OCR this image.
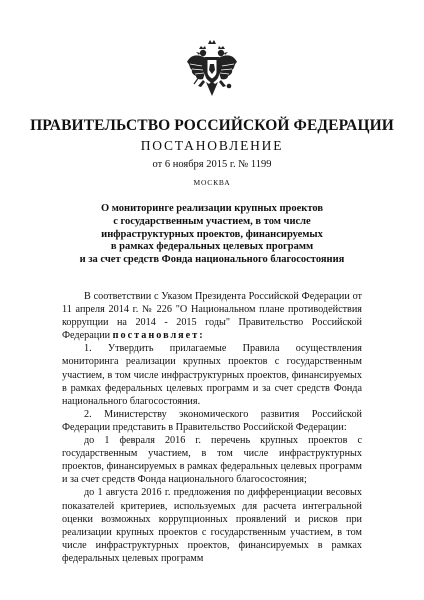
ПРАВИТЕЛЬСТВО РОССИЙСКОЙ ФЕДЕРАЦИИ
ПОСТАНОВЛЕНИЕ
от 6 ноября 2015 г. № 1199
МОСКВА
О мониторинге реализации крупных проектов
с государственным участием, в том числе
инфраструктурных проектов, финансируемых
в рамках федеральных целевых программ
и за счет средств Фонда национального благосостояния

В соответствии с Указом Президента Российской Федерации от 11 апреля 2014 г. № 226 "О Национальном плане противодействия коррупции на 2014 - 2015 годы" Правительство Российской Федерации постановляет:

1. Утвердить прилагаемые Правила осуществления мониторинга реализации крупных проектов с государственным участием, в том числе инфраструктурных проектов, финансируемых в рамках федеральных целевых программ и за счет средств Фонда национального благосостояния.

2. Министерству экономического развития Российской Федерации представить в Правительство Российской Федерации:

до 1 февраля 2016 г. перечень крупных проектов с государственным участием, в том числе инфраструктурных проектов, финансируемых в рамках федеральных целевых программ и за счет средств Фонда национального благосостояния;

до 1 августа 2016 г. предложения по дифференциации весовых показателей критериев, используемых для расчета интегральной оценки возможных коррупционных проявлений и рисков при реализации крупных проектов с государственным участием, в том числе инфраструктурных проектов, финансируемых в рамках федеральных целевых программ
